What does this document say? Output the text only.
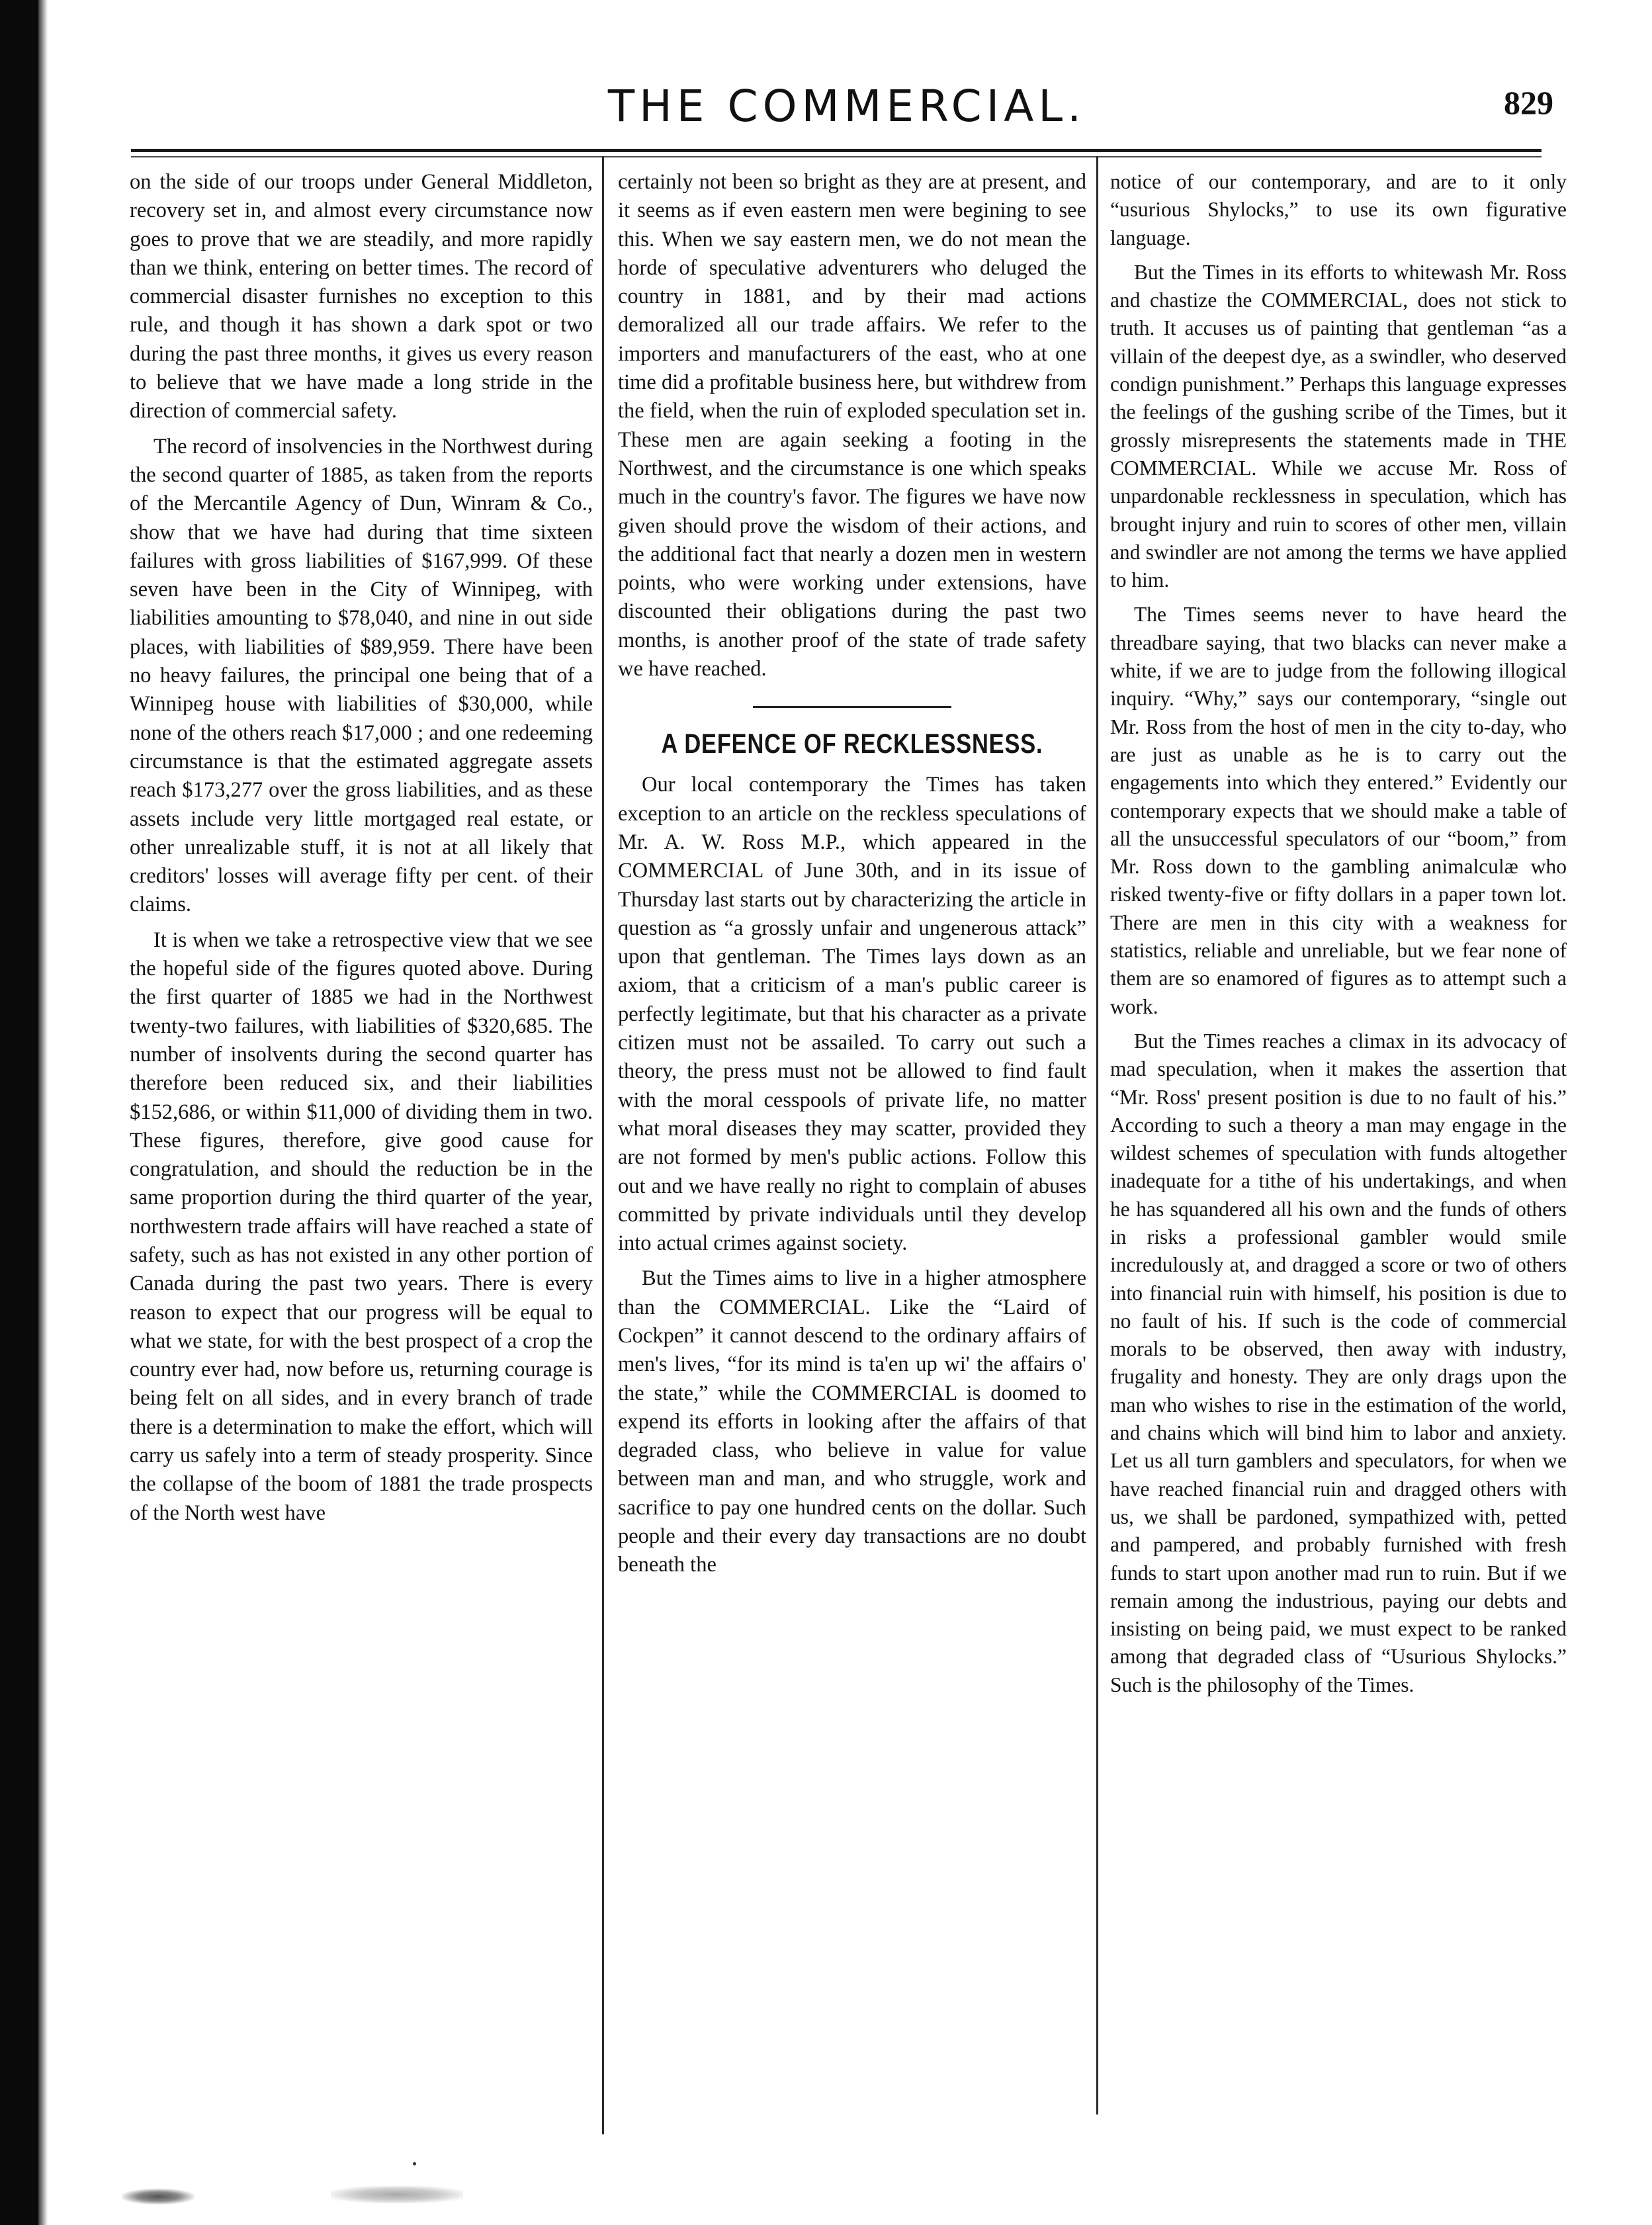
THE COMMERCIAL.	829

on the side of our troops under General Middleton, recovery set in, and almost every circumstance now goes to prove that we are steadily, and more rapidly than we think, entering on better times. The record of commercial disaster furnishes no exception to this rule, and though it has shown a dark spot or two during the past three months, it gives us every reason to believe that we have made a long stride in the direction of commercial safety.

The record of insolvencies in the Northwest during the second quarter of 1885, as taken from the reports of the Mercantile Agency of Dun, Winram & Co., show that we have had during that time sixteen failures with gross liabilities of $167,999. Of these seven have been in the City of Winnipeg, with liabilities amounting to $78,040, and nine in out side places, with liabilities of $89,959. There have been no heavy failures, the principal one being that of a Winnipeg house with liabilities of $30,000, while none of the others reach $17,000 ; and one redeeming circumstance is that the estimated aggregate assets reach $173,277 over the gross liabilities, and as these assets include very little mortgaged real estate, or other unrealizable stuff, it is not at all likely that creditors' losses will average fifty per cent. of their claims.

It is when we take a retrospective view that we see the hopeful side of the figures quoted above. During the first quarter of 1885 we had in the Northwest twenty-two failures, with liabilities of $320,685. The number of insolvents during the second quarter has therefore been reduced six, and their liabilities $152,686, or within $11,000 of dividing them in two. These figures, therefore, give good cause for congratulation, and should the reduction be in the same proportion during the third quarter of the year, northwestern trade affairs will have reached a state of safety, such as has not existed in any other portion of Canada during the past two years. There is every reason to expect that our progress will be equal to what we state, for with the best prospect of a crop the country ever had, now before us, returning courage is being felt on all sides, and in every branch of trade there is a determination to make the effort, which will carry us safely into a term of steady prosperity. Since the collapse of the boom of 1881 the trade prospects of the North west have

certainly not been so bright as they are at present, and it seems as if even eastern men were begining to see this. When we say eastern men, we do not mean the horde of speculative adventurers who deluged the country in 1881, and by their mad actions demoralized all our trade affairs. We refer to the importers and manufacturers of the east, who at one time did a profitable business here, but withdrew from the field, when the ruin of exploded speculation set in. These men are again seeking a footing in the Northwest, and the circumstance is one which speaks much in the country's favor. The figures we have now given should prove the wisdom of their actions, and the additional fact that nearly a dozen men in western points, who were working under extensions, have discounted their obligations during the past two months, is another proof of the state of trade safety we have reached.

A DEFENCE OF RECKLESSNESS.

Our local contemporary the Times has taken exception to an article on the reckless speculations of Mr. A. W. Ross M.P., which appeared in the COMMERCIAL of June 30th, and in its issue of Thursday last starts out by characterizing the article in question as “a grossly unfair and ungenerous attack” upon that gentleman. The Times lays down as an axiom, that a criticism of a man's public career is perfectly legitimate, but that his character as a private citizen must not be assailed. To carry out such a theory, the press must not be allowed to find fault with the moral cesspools of private life, no matter what moral diseases they may scatter, provided they are not formed by men's public actions. Follow this out and we have really no right to complain of abuses committed by private individuals until they develop into actual crimes against society.

But the Times aims to live in a higher atmosphere than the COMMERCIAL. Like the “Laird of Cockpen” it cannot descend to the ordinary affairs of men's lives, “for its mind is ta'en up wi' the affairs o' the state,” while the COMMERCIAL is doomed to expend its efforts in looking after the affairs of that degraded class, who believe in value for value between man and man, and who struggle, work and sacrifice to pay one hundred cents on the dollar. Such people and their every day transactions are no doubt beneath the

notice of our contemporary, and are to it only “usurious Shylocks,” to use its own figurative language.

But the Times in its efforts to whitewash Mr. Ross and chastize the COMMERCIAL, does not stick to truth. It accuses us of painting that gentleman “as a villain of the deepest dye, as a swindler, who deserved condign punishment.” Perhaps this language expresses the feelings of the gushing scribe of the Times, but it grossly misrepresents the statements made in THE COMMERCIAL. While we accuse Mr. Ross of unpardonable recklessness in speculation, which has brought injury and ruin to scores of other men, villain and swindler are not among the terms we have applied to him.

The Times seems never to have heard the threadbare saying, that two blacks can never make a white, if we are to judge from the following illogical inquiry. “Why,” says our contemporary, “single out Mr. Ross from the host of men in the city to-day, who are just as unable as he is to carry out the engagements into which they entered.” Evidently our contemporary expects that we should make a table of all the unsuccessful speculators of our “boom,” from Mr. Ross down to the gambling animalculæ who risked twenty-five or fifty dollars in a paper town lot. There are men in this city with a weakness for statistics, reliable and unreliable, but we fear none of them are so enamored of figures as to attempt such a work.

But the Times reaches a climax in its advocacy of mad speculation, when it makes the assertion that “Mr. Ross' present position is due to no fault of his.” According to such a theory a man may engage in the wildest schemes of speculation with funds altogether inadequate for a tithe of his undertakings, and when he has squandered all his own and the funds of others in risks a professional gambler would smile incredulously at, and dragged a score or two of others into financial ruin with himself, his position is due to no fault of his. If such is the code of commercial morals to be observed, then away with industry, frugality and honesty. They are only drags upon the man who wishes to rise in the estimation of the world, and chains which will bind him to labor and anxiety. Let us all turn gamblers and speculators, for when we have reached financial ruin and dragged others with us, we shall be pardoned, sympathized with, petted and pampered, and probably furnished with fresh funds to start upon another mad run to ruin. But if we remain among the industrious, paying our debts and insisting on being paid, we must expect to be ranked among that degraded class of “Usurious Shylocks.” Such is the philosophy of the Times.
